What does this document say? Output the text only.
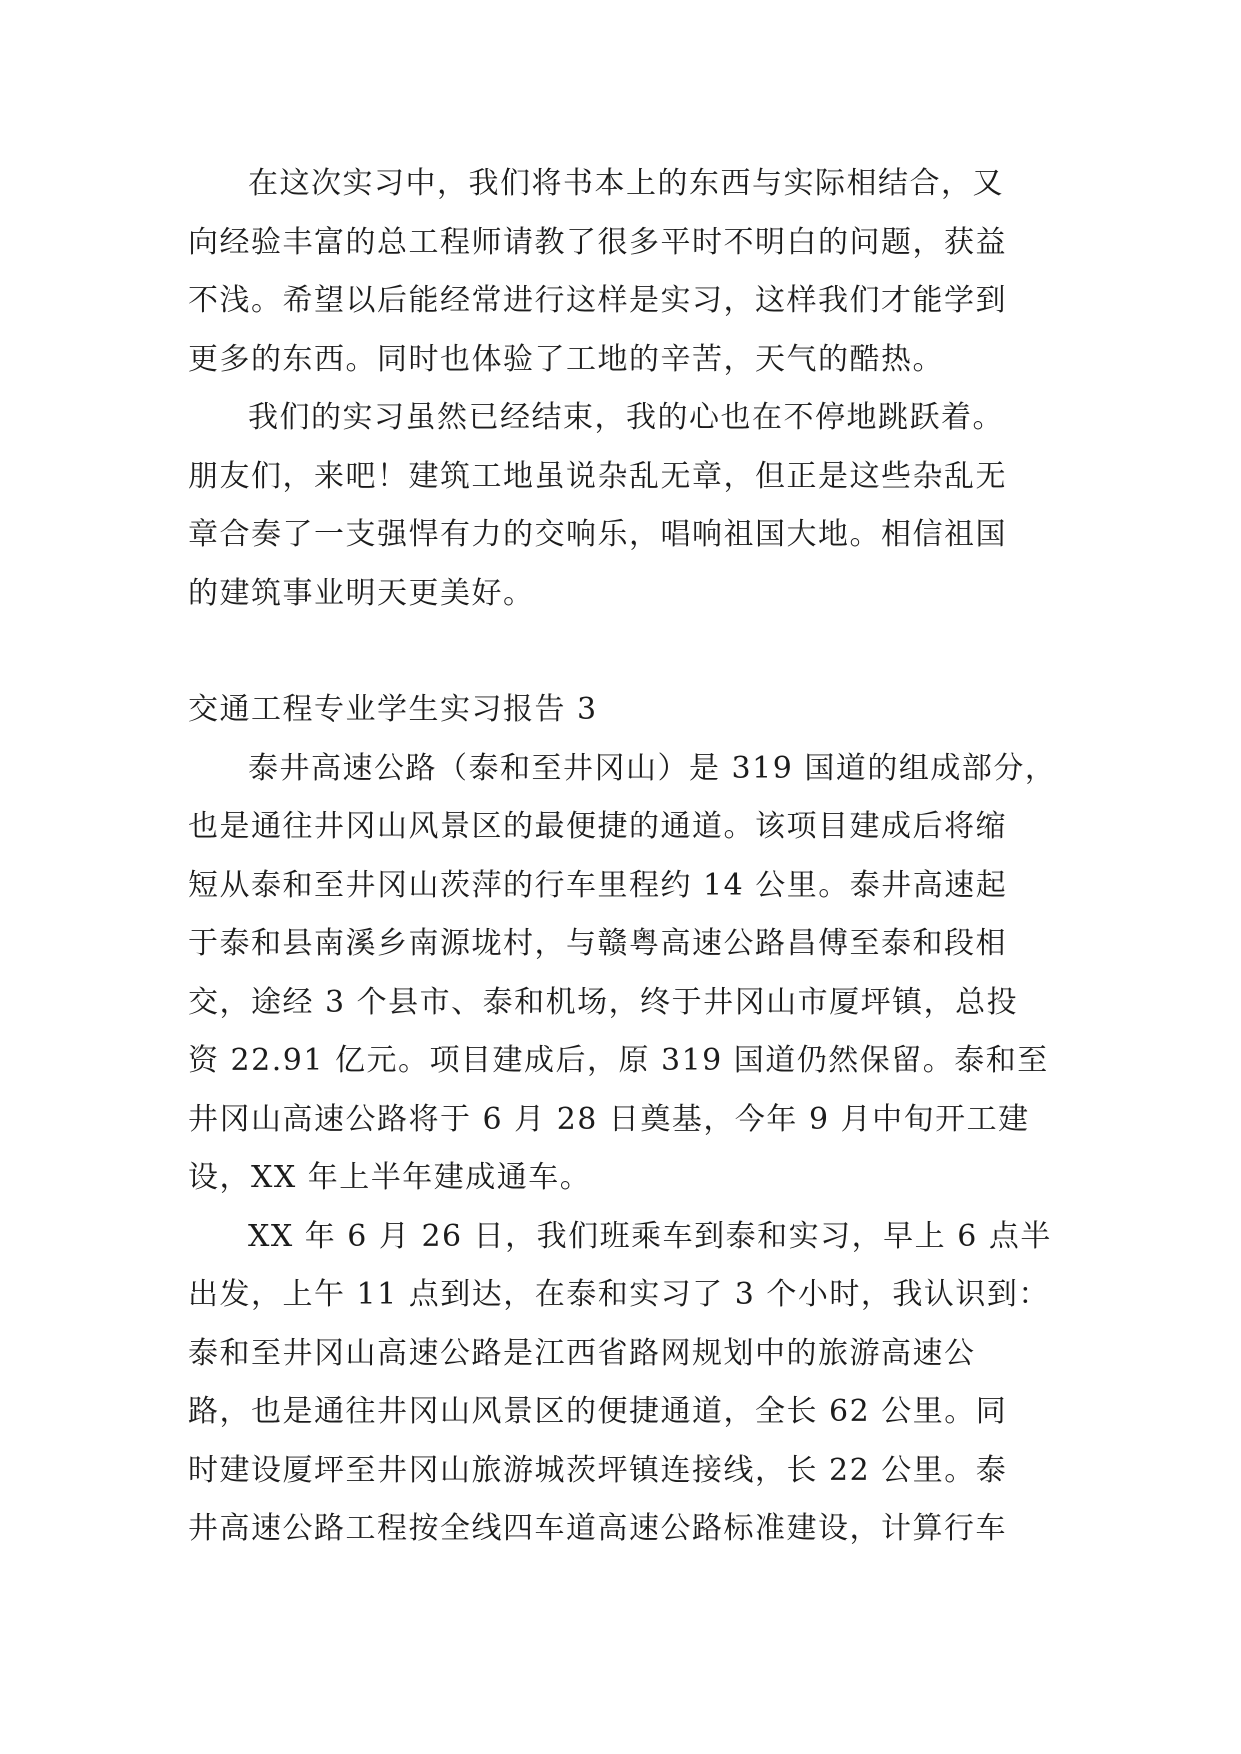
在这次实习中，我们将书本上的东西与实际相结合，又
向经验丰富的总工程师请教了很多平时不明白的问题，获益
不浅。希望以后能经常进行这样是实习，这样我们才能学到
更多的东西。同时也体验了工地的辛苦，天气的酷热。

我们的实习虽然已经结束，我的心也在不停地跳跃着。
朋友们，来吧！建筑工地虽说杂乱无章，但正是这些杂乱无
章合奏了一支强悍有力的交响乐，唱响祖国大地。相信祖国
的建筑事业明天更美好。

交通工程专业学生实习报告 3

泰井高速公路（泰和至井冈山）是 319 国道的组成部分，
也是通往井冈山风景区的最便捷的通道。该项目建成后将缩
短从泰和至井冈山茨萍的行车里程约 14 公里。泰井高速起
于泰和县南溪乡南源垅村，与赣粤高速公路昌傅至泰和段相
交，途经 3 个县市、泰和机场，终于井冈山市厦坪镇，总投
资 22.91 亿元。项目建成后，原 319 国道仍然保留。泰和至
井冈山高速公路将于 6 月 28 日奠基，今年 9 月中旬开工建
设，XX 年上半年建成通车。

XX 年 6 月 26 日，我们班乘车到泰和实习，早上 6 点半
出发，上午 11 点到达，在泰和实习了 3 个小时，我认识到：
泰和至井冈山高速公路是江西省路网规划中的旅游高速公
路，也是通往井冈山风景区的便捷通道，全长 62 公里。同
时建设厦坪至井冈山旅游城茨坪镇连接线，长 22 公里。泰
井高速公路工程按全线四车道高速公路标准建设，计算行车
